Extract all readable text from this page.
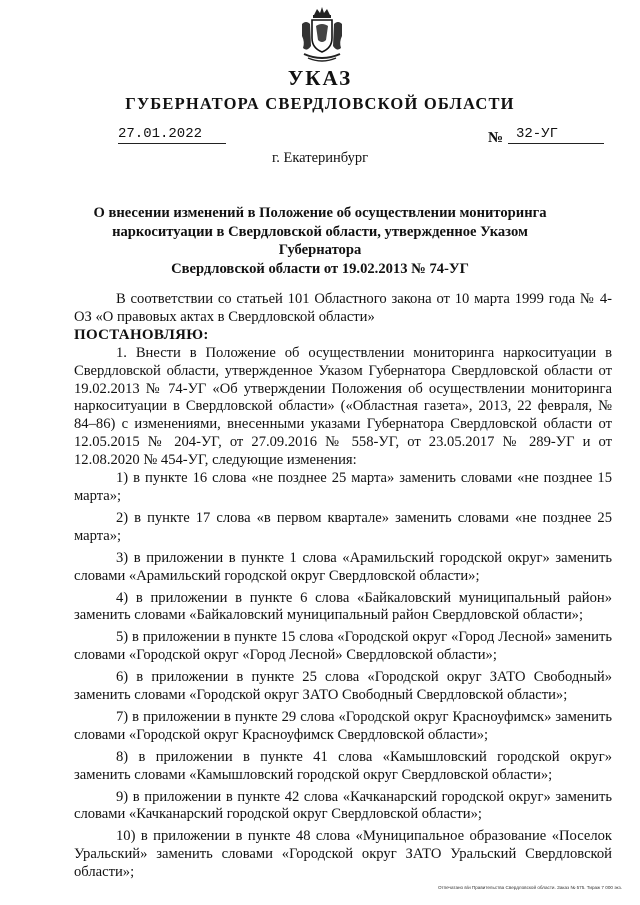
УКАЗ
ГУБЕРНАТОРА СВЕРДЛОВСКОЙ ОБЛАСТИ
27.01.2022	№ 32-УГ
г. Екатеринбург
О внесении изменений в Положение об осуществлении мониторинга
наркоситуации в Свердловской области, утвержденное Указом Губернатора
Свердловской области от 19.02.2013 № 74-УГ

В соответствии со статьей 101 Областного закона от 10 марта 1999 года № 4-ОЗ «О правовых актах в Свердловской области»

ПОСТАНОВЛЯЮ:

1. Внести в Положение об осуществлении мониторинга наркоситуации в Свердловской области, утвержденное Указом Губернатора Свердловской области от 19.02.2013 № 74-УГ «Об утверждении Положения об осуществлении мониторинга наркоситуации в Свердловской области» («Областная газета», 2013, 22 февраля, № 84–86) с изменениями, внесенными указами Губернатора Свердловской области от 12.05.2015 № 204-УГ, от 27.09.2016 № 558-УГ, от 23.05.2017 № 289-УГ и от 12.08.2020 № 454-УГ, следующие изменения:

1) в пункте 16 слова «не позднее 25 марта» заменить словами «не позднее 15 марта»;

2) в пункте 17 слова «в первом квартале» заменить словами «не позднее 25 марта»;

3) в приложении в пункте 1 слова «Арамильский городской округ» заменить словами «Арамильский городской округ Свердловской области»;

4) в приложении в пункте 6 слова «Байкаловский муниципальный район» заменить словами «Байкаловский муниципальный район Свердловской области»;

5) в приложении в пункте 15 слова «Городской округ «Город Лесной» заменить словами «Городской округ «Город Лесной» Свердловской области»;

6) в приложении в пункте 25 слова «Городской округ ЗАТО Свободный» заменить словами «Городской округ ЗАТО Свободный Свердловской области»;

7) в приложении в пункте 29 слова «Городской округ Красноуфимск» заменить словами «Городской округ Красноуфимск Свердловской области»;

8) в приложении в пункте 41 слова «Камышловский городской округ» заменить словами «Камышловский городской округ Свердловской области»;

9) в приложении в пункте 42 слова «Качканарский городской округ» заменить словами «Качканарский городской округ Свердловской области»;

10) в приложении в пункте 48 слова «Муниципальное образование «Поселок Уральский» заменить словами «Городской округ ЗАТО Уральский Свердловской области»;

Отпечатано в/и Правительства Свердловской области. Заказ № 575. Тираж 7 000 экз.
